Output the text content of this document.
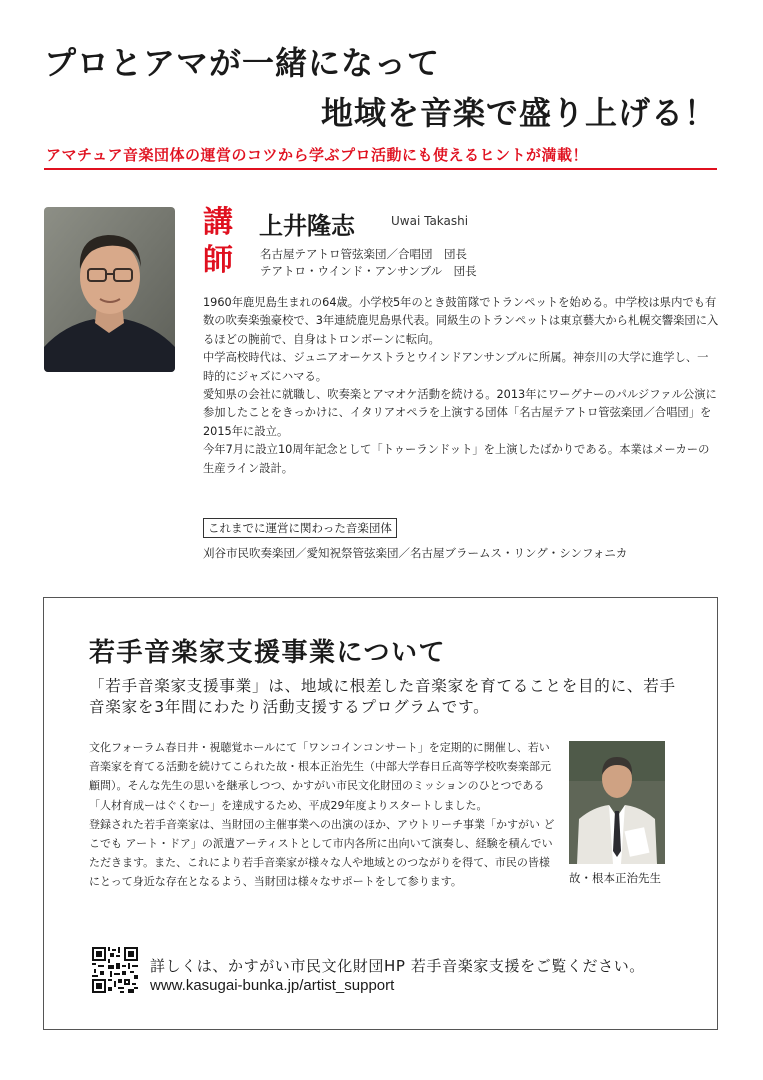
プロとアマが一緒になって
地域を音楽で盛り上げる！
アマチュア音楽団体の運営のコツから学ぶプロ活動にも使えるヒントが満載！
講
師
上井隆志	Uwai Takashi
名古屋テアトロ管弦楽団／合唱団　団長
テアトロ・ウインド・アンサンブル　団長

1960年鹿児島生まれの64歳。小学校5年のとき鼓笛隊でトランペットを始める。中学校は県内でも有数の吹奏楽強豪校で、3年連続鹿児島県代表。同級生のトランペットは東京藝大から札幌交響楽団に入るほどの腕前で、自身はトロンボーンに転向。

中学高校時代は、ジュニアオーケストラとウインドアンサンブルに所属。神奈川の大学に進学し、一時的にジャズにハマる。

愛知県の会社に就職し、吹奏楽とアマオケ活動を続ける。2013年にワーグナーのパルジファル公演に参加したことをきっかけに、イタリアオペラを上演する団体「名古屋テアトロ管弦楽団／合唱団」を2015年に設立。

今年7月に設立10周年記念として「トゥーランドット」を上演したばかりである。本業はメーカーの生産ライン設計。

これまでに運営に関わった音楽団体
刈谷市民吹奏楽団／愛知祝祭管弦楽団／名古屋ブラームス・リング・シンフォニカ
若手音楽家支援事業について
「若手音楽家支援事業」は、地域に根差した音楽家を育てることを目的に、若手音楽家を3年間にわたり活動支援するプログラムです。

文化フォーラム春日井・視聴覚ホールにて「ワンコインコンサート」を定期的に開催し、若い音楽家を育てる活動を続けてこられた故・根本正治先生（中部大学春日丘高等学校吹奏楽部元顧問）。そんな先生の思いを継承しつつ、かすがい市民文化財団のミッションのひとつである「人材育成ーはぐくむー」を達成するため、平成29年度よりスタートしました。

登録された若手音楽家は、当財団の主催事業への出演のほか、アウトリーチ事業「かすがい どこでも アート・ドア」の派遣アーティストとして市内各所に出向いて演奏し、経験を積んでいただきます。また、これにより若手音楽家が様々な人や地域とのつながりを得て、市民の皆様にとって身近な存在となるよう、当財団は様々なサポートをして参ります。	故・根本正治先生
詳しくは、かすがい市民文化財団HP 若手音楽家支援をご覧ください。
www.kasugai-bunka.jp/artist_support
